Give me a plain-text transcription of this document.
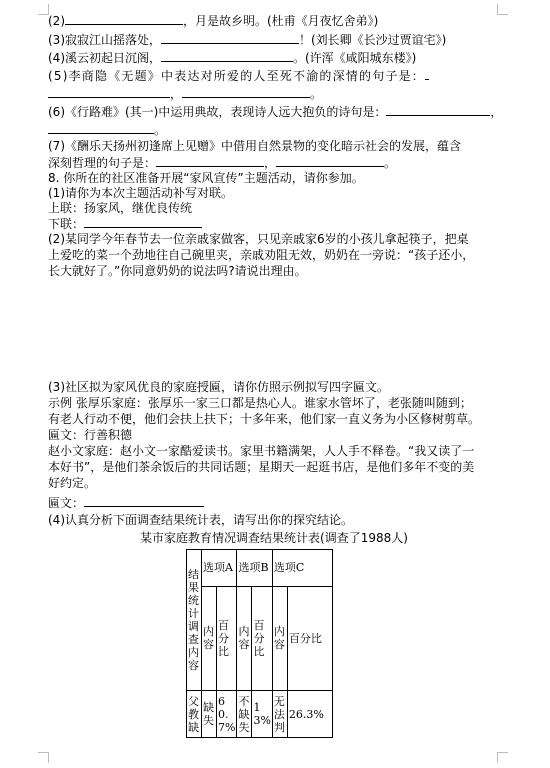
(2)	，月是故乡明。(杜甫《月夜忆舍弟》)
(3)寂寂江山摇落处，	！(刘长卿《长沙过贾谊宅》)
(4)溪云初起日沉阁，	。(许浑《咸阳城东楼》)
(5)李商隐《无题》中表达对所爱的人至死不渝的深情的句子是：
，	。
(6)《行路难》(其一)中运用典故，表现诗人远大抱负的诗句是：	，
。
(7)《酬乐天扬州初逢席上见赠》中借用自然景物的变化暗示社会的发展，蕴含
深刻哲理的句子是：	，	。
8. 你所在的社区准备开展“家风宣传”主题活动，请你参加。
(1)请你为本次主题活动补写对联。
上联：扬家风，继优良传统
下联：
(2)某同学今年春节去一位亲戚家做客，只见亲戚家6岁的小孩儿拿起筷子，把桌
上爱吃的菜一个劲地往自己碗里夹，亲戚劝阻无效，奶奶在一旁说：“孩子还小，
长大就好了。”你同意奶奶的说法吗?请说出理由。
(3)社区拟为家风优良的家庭授匾，请你仿照示例拟写四字匾文。
示例 张厚乐家庭：张厚乐一家三口都是热心人。谁家水管坏了，老张随叫随到；
有老人行动不便，他们会扶上扶下；十多年来，他们家一直义务为小区修树剪草。
匾文：行善积德
赵小文家庭：赵小文一家酷爱读书。家里书籍满架，人人手不释卷。“我又读了一
本好书”，是他们茶余饭后的共同话题；星期天一起逛书店，是他们多年不变的美
好约定。
匾文：
(4)认真分析下面调查结果统计表，请写出你的探究结论。
某市家庭教育情况调查结果统计表(调查了1988人)
结果统计调查内容	选项A		选项B		选项C	
	内容	百分比	内容	百分比	内容	百分比
父教缺	缺失	60.7%	不缺失	13%	无法判	26.3%
